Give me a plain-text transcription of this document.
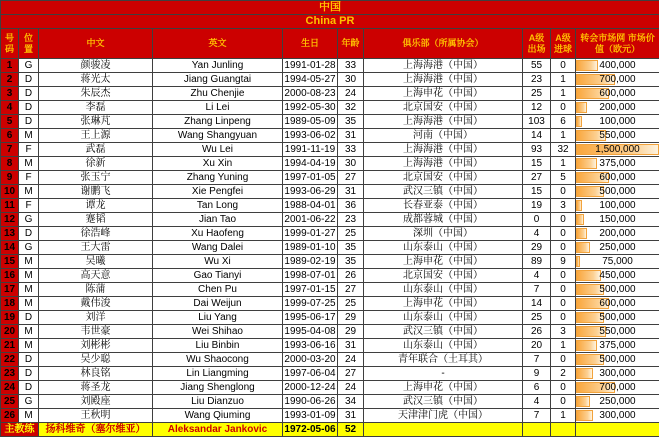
中国									
China PR									
号码	位置	中文	英文	生日	年龄	俱乐部（所属协会）	A级 出场	A级 进球	转会市场网 市场价值（欧元）
1	G	颜骏凌	Yan Junling	1991-01-28	33	上海海港（中国）	55	0	400,000
2	D	蒋光太	Jiang Guangtai	1994-05-27	30	上海海港（中国）	23	1	700,000
3	D	朱辰杰	Zhu Chenjie	2000-08-23	24	上海申花（中国）	25	1	600,000
4	D	李磊	Li Lei	1992-05-30	32	北京国安（中国）	12	0	200,000
5	D	张琳芃	Zhang Linpeng	1989-05-09	35	上海海港（中国）	103	6	100,000
6	M	王上源	Wang Shangyuan	1993-06-02	31	河南（中国）	14	1	550,000
7	F	武磊	Wu Lei	1991-11-19	33	上海海港（中国）	93	32	1,500,000
8	M	徐新	Xu Xin	1994-04-19	30	上海海港（中国）	15	1	375,000
9	F	张玉宁	Zhang Yuning	1997-01-05	27	北京国安（中国）	27	5	600,000
10	M	谢鹏飞	Xie Pengfei	1993-06-29	31	武汉三镇（中国）	15	0	500,000
11	F	谭龙	Tan Long	1988-04-01	36	长春亚泰（中国）	19	3	100,000
12	G	蹇韬	Jian Tao	2001-06-22	23	成都蓉城（中国）	0	0	150,000
13	D	徐浩峰	Xu Haofeng	1999-01-27	25	深圳（中国）	4	0	200,000
14	G	王大雷	Wang Dalei	1989-01-10	35	山东泰山（中国）	29	0	250,000
15	M	吴曦	Wu Xi	1989-02-19	35	上海申花（中国）	89	9	75,000
16	M	高天意	Gao Tianyi	1998-07-01	26	北京国安（中国）	4	0	450,000
17	M	陈蒲	Chen Pu	1997-01-15	27	山东泰山（中国）	7	0	500,000
18	M	戴伟浚	Dai Weijun	1999-07-25	25	上海申花（中国）	14	0	600,000
19	D	刘洋	Liu Yang	1995-06-17	29	山东泰山（中国）	25	0	500,000
20	M	韦世豪	Wei Shihao	1995-04-08	29	武汉三镇（中国）	26	3	550,000
21	M	刘彬彬	Liu Binbin	1993-06-16	31	山东泰山（中国）	20	1	375,000
22	D	吴少聪	Wu Shaocong	2000-03-20	24	青年联合（土耳其）	7	0	500,000
23	D	林良铭	Lin Liangming	1997-06-04	27	-	9	2	300,000
24	D	蒋圣龙	Jiang Shenglong	2000-12-24	24	上海申花（中国）	6	0	700,000
25	G	刘殿座	Liu Dianzuo	1990-06-26	34	武汉三镇（中国）	4	0	250,000
26	M	王秋明	Wang Qiuming	1993-01-09	31	天津津门虎（中国）	7	1	300,000
主教练		扬科维奇（塞尔维亚）	Aleksandar Jankovic	1972-05-06	52				
